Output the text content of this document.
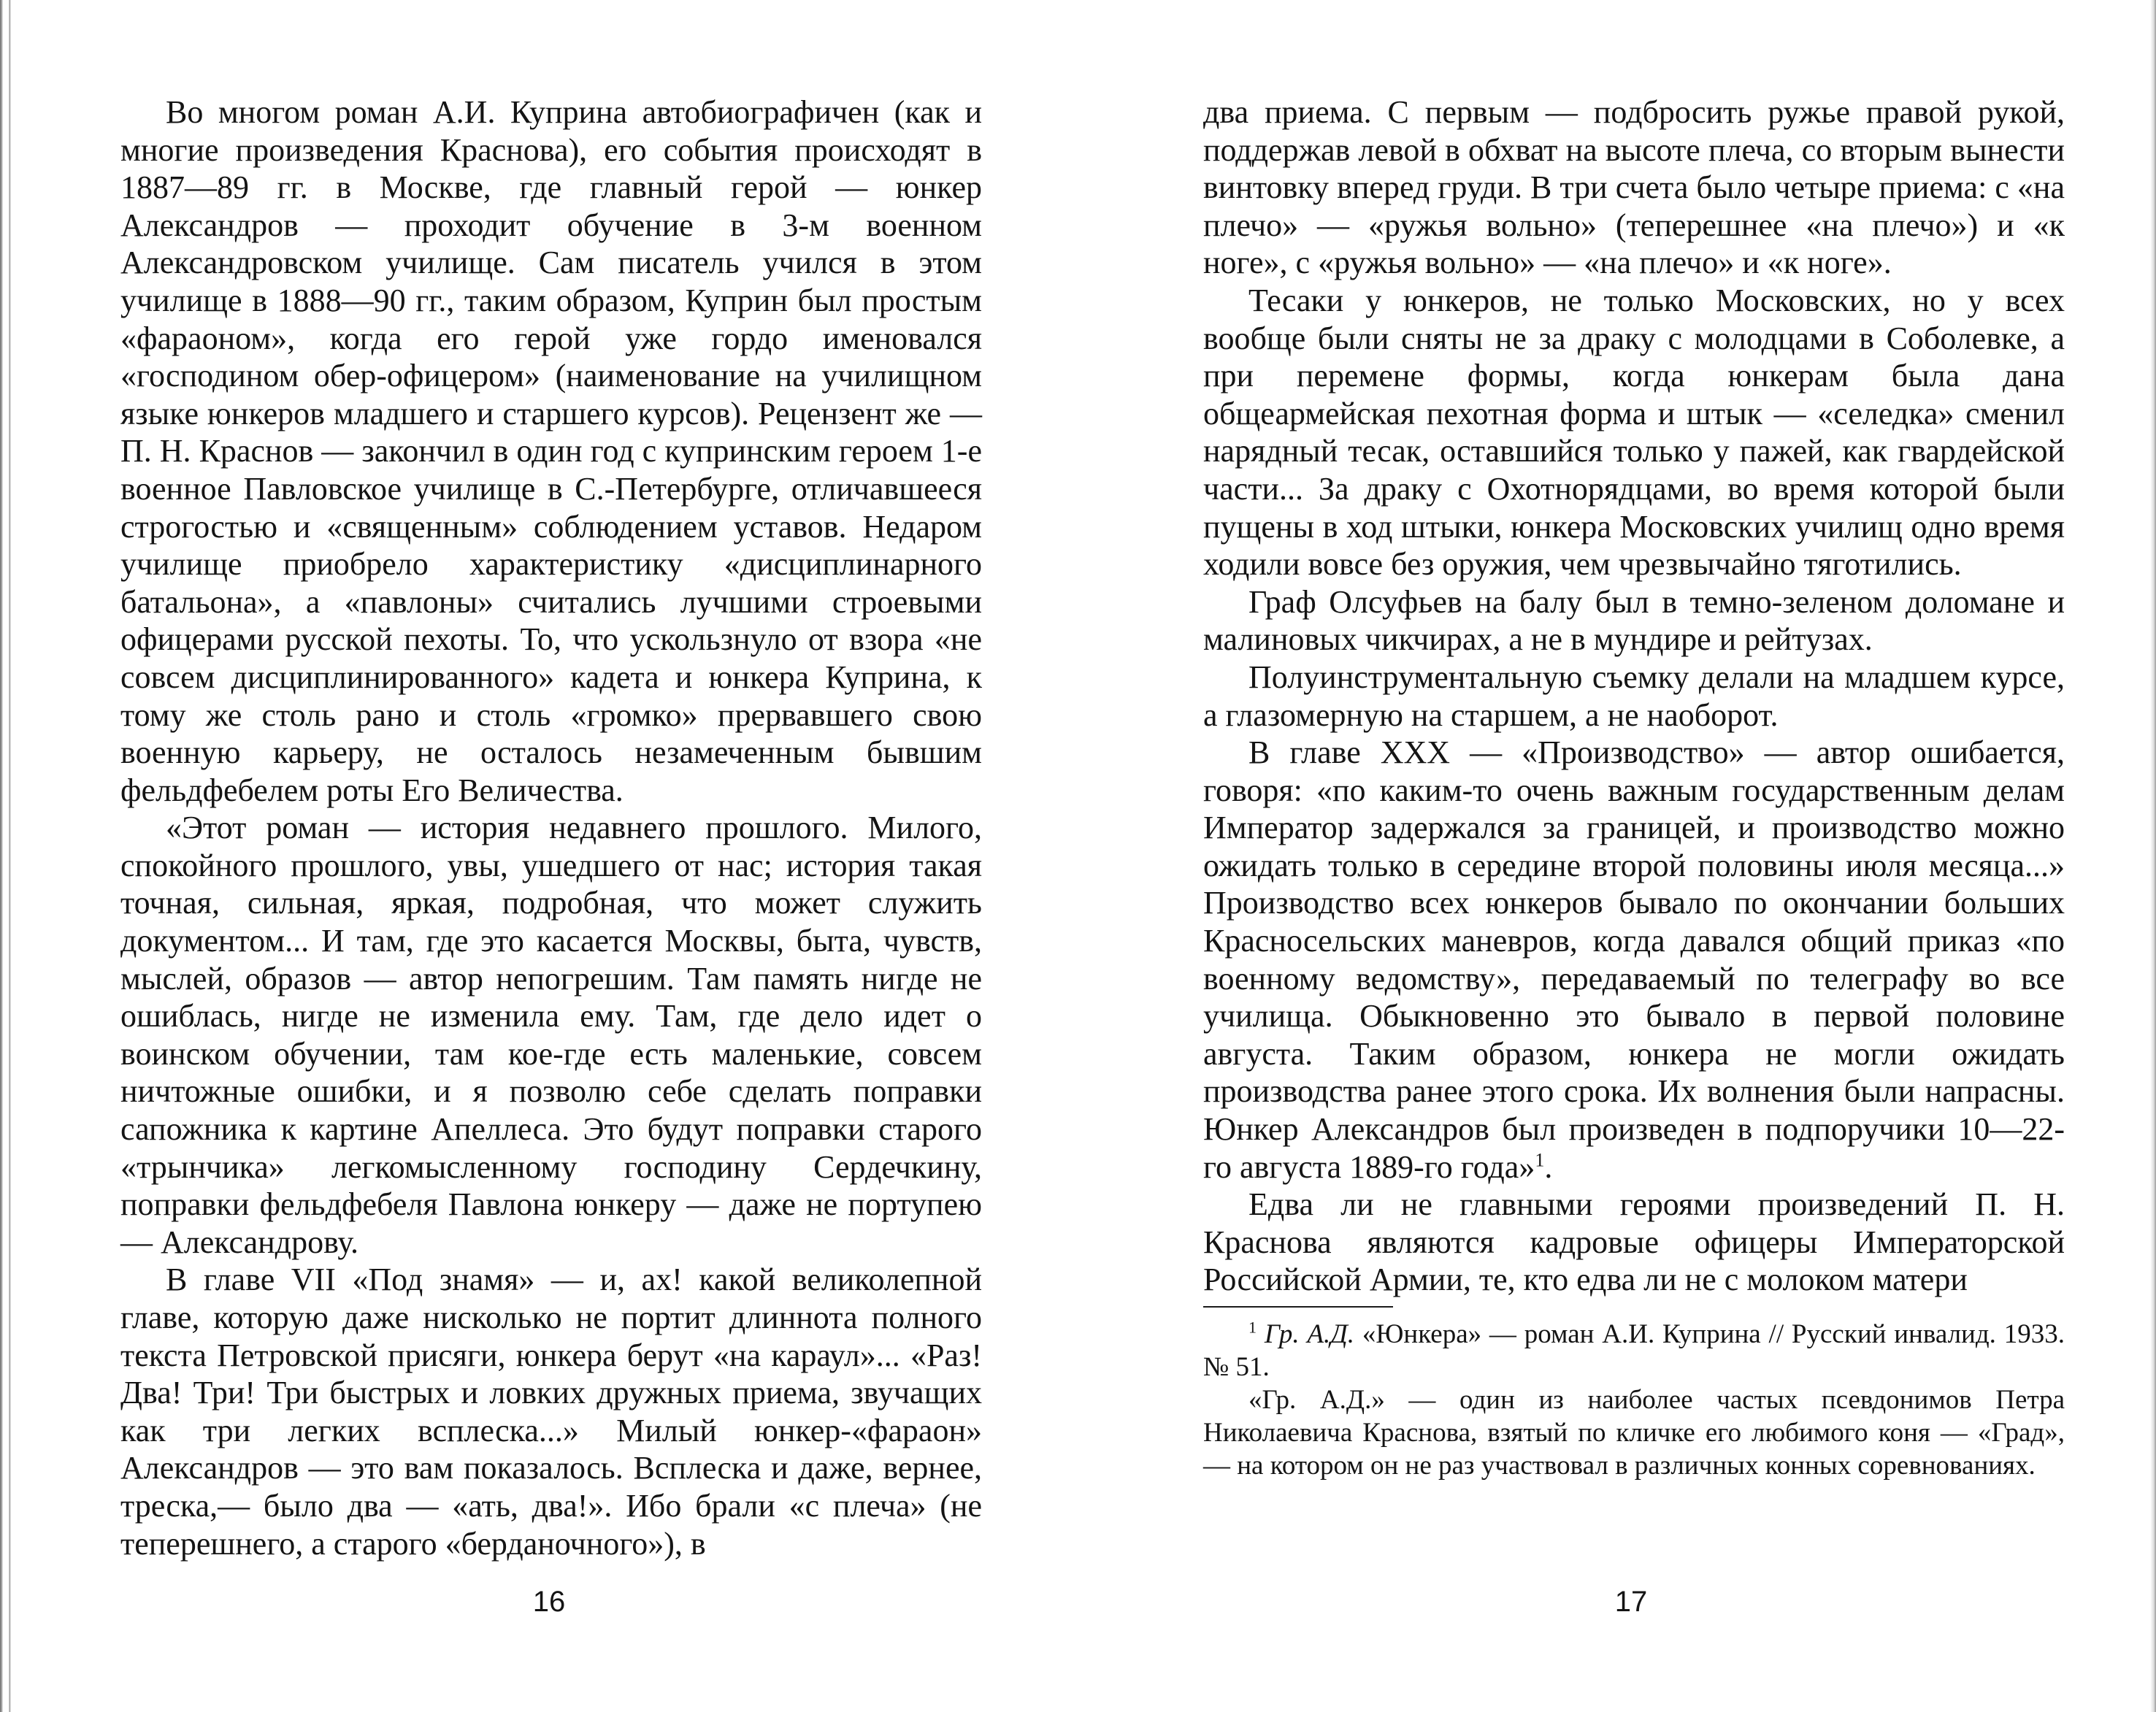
Во многом роман А.И. Куприна автобиографичен (как и многие произведения Краснова), его события происходят в 1887—89 гг. в Москве, где главный герой — юнкер Александров — проходит обучение в 3-м военном Александровском училище. Сам писатель учился в этом училище в 1888—90 гг., таким образом, Куприн был простым «фараоном», когда его герой уже гордо именовался «господином обер-офицером» (наименование на училищном языке юнкеров младшего и старшего курсов). Рецензент же — П. Н. Краснов — закончил в один год с купринским героем 1-е военное Павловское училище в С.-Петербурге, отличавшееся строгостью и «священным» соблюдением уставов. Недаром училище приобрело характеристику «дисциплинарного батальона», а «павлоны» считались лучшими строевыми офицерами русской пехоты. То, что ускользнуло от взора «не совсем дисциплинированного» кадета и юнкера Куприна, к тому же столь рано и столь «громко» прервавшего свою военную карьеру, не осталось незамеченным бывшим фельдфебелем роты Его Величества.

«Этот роман — история недавнего прошлого. Милого, спокойного прошлого, увы, ушедшего от нас; история такая точная, сильная, яркая, подробная, что может служить документом... И там, где это касается Москвы, быта, чувств, мыслей, образов — автор непогрешим. Там память нигде не ошиблась, нигде не изменила ему. Там, где дело идет о воинском обучении, там кое-где есть маленькие, совсем ничтожные ошибки, и я позволю себе сделать поправки сапожника к картине Апеллеса. Это будут поправки старого «трынчика» легкомысленному господину Сердечкину, поправки фельдфебеля Павлона юнкеру — даже не портупею — Александрову.

В главе VII «Под знамя» — и, ах! какой великолепной главе, которую даже нисколько не портит длиннота полного текста Петровской присяги, юнкера берут «на караул»... «Раз! Два! Три! Три быстрых и ловких дружных приема, звучащих как три легких всплеска...» Милый юнкер-«фараон» Александров — это вам показалось. Всплеска и даже, вернее, треска,— было два — «ать, два!». Ибо брали «с плеча» (не теперешнего, а старого «берданочного»), в

16

два приема. С первым — подбросить ружье правой рукой, поддержав левой в обхват на высоте плеча, со вторым вынести винтовку вперед груди. В три счета было четыре приема: с «на плечо» — «ружья вольно» (теперешнее «на плечо») и «к ноге», с «ружья вольно» — «на плечо» и «к ноге».

Тесаки у юнкеров, не только Московских, но у всех вообще были сняты не за драку с молодцами в Соболевке, а при перемене формы, когда юнкерам была дана общеармейская пехотная форма и штык — «селедка» сменил нарядный тесак, оставшийся только у пажей, как гвардейской части... За драку с Охотнорядцами, во время которой были пущены в ход штыки, юнкера Московских училищ одно время ходили вовсе без оружия, чем чрезвычайно тяготились.

Граф Олсуфьев на балу был в темно-зеленом доломане и малиновых чикчирах, а не в мундире и рейтузах.

Полуинструментальную съемку делали на младшем курсе, а глазомерную на старшем, а не наоборот.

В главе XXX — «Производство» — автор ошибается, говоря: «по каким-то очень важным государственным делам Император задержался за границей, и производство можно ожидать только в середине второй половины июля месяца...» Производство всех юнкеров бывало по окончании больших Красносельских маневров, когда давался общий приказ «по военному ведомству», передаваемый по телеграфу во все училища. Обыкновенно это бывало в первой половине августа. Таким образом, юнкера не могли ожидать производства ранее этого срока. Их волнения были напрасны. Юнкер Александров был произведен в подпоручики 10—22-го августа 1889-го года»$^1$.

Едва ли не главными героями произведений П. Н. Краснова являются кадровые офицеры Императорской Российской Армии, те, кто едва ли не с молоком матери

$^1$ Гр. А.Д. «Юнкера» — роман А.И. Куприна // Русский инвалид. 1933. № 51.

«Гр. А.Д.» — один из наиболее частых псевдонимов Петра Николаевича Краснова, взятый по кличке его любимого коня — «Град», — на котором он не раз участвовал в различных конных соревнованиях.

17
